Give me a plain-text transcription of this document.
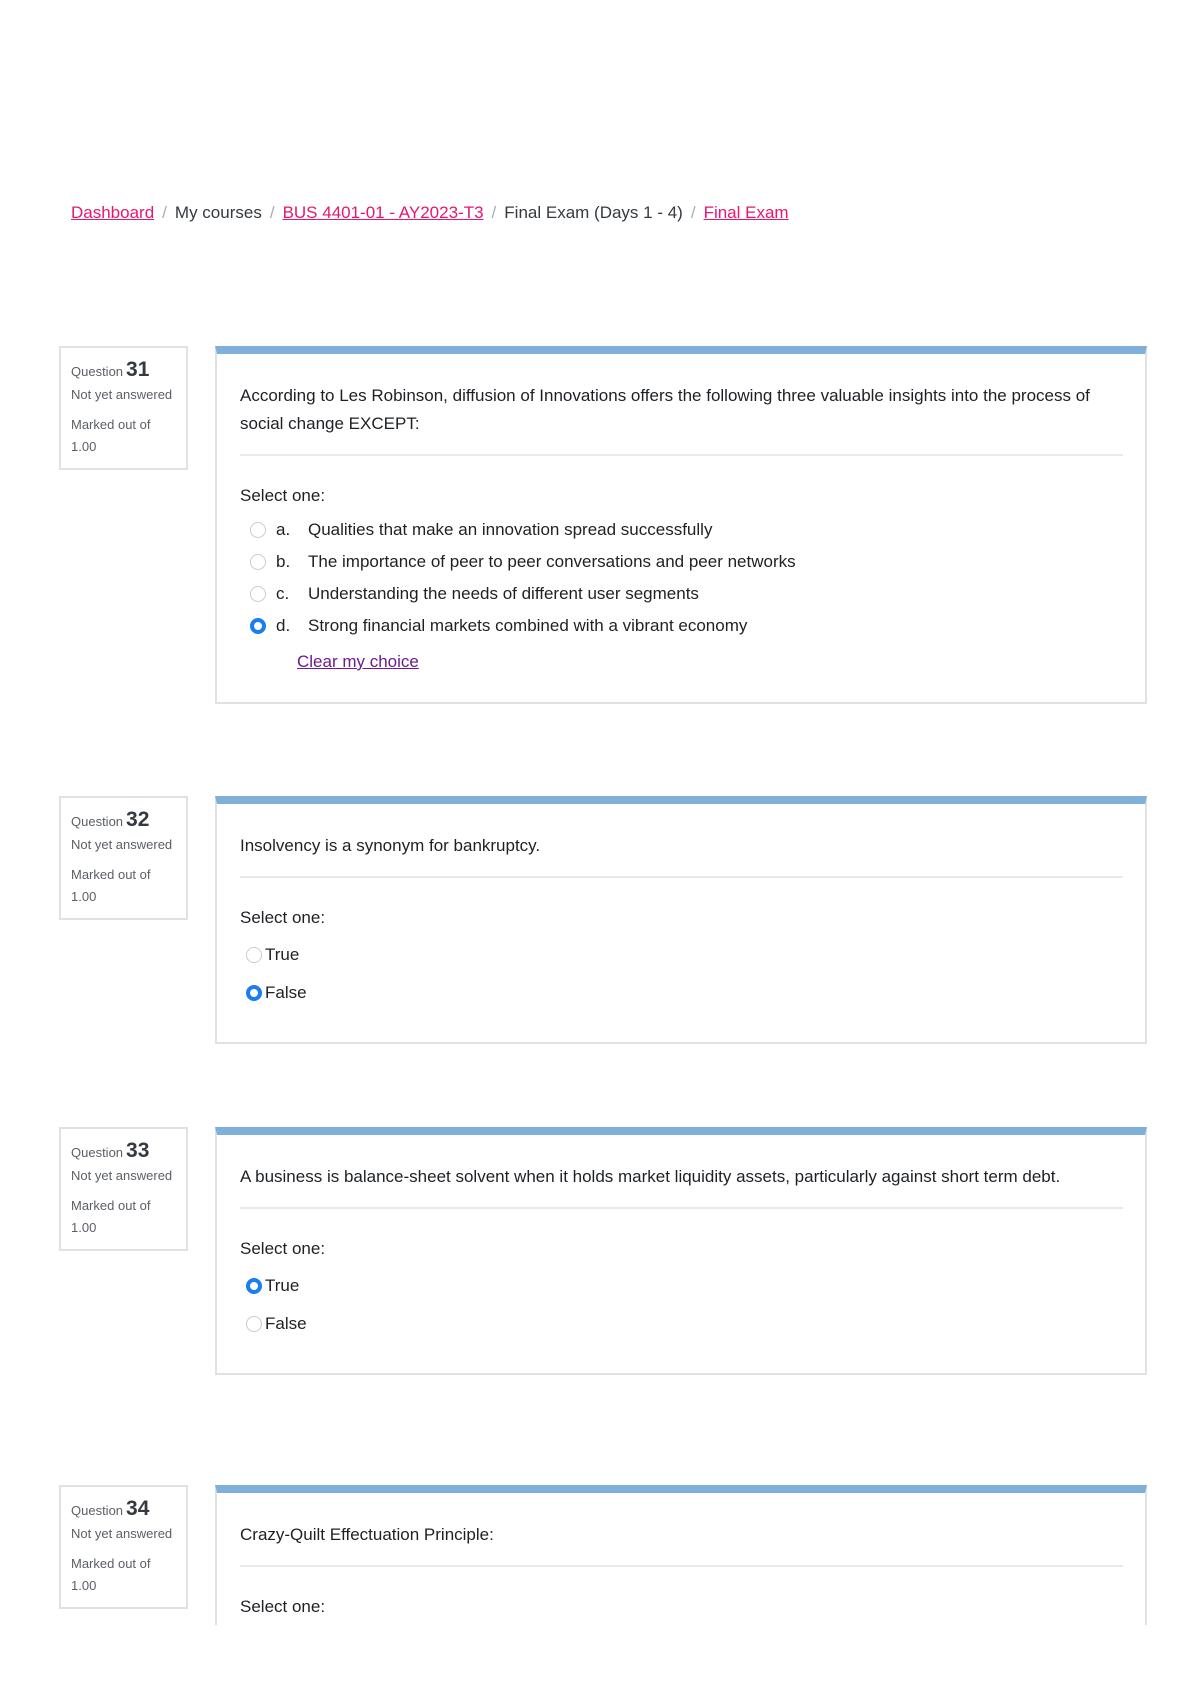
Dashboard / My courses / BUS 4401-01 - AY2023-T3 / Final Exam (Days 1 - 4) / Final Exam
Question 31
Not yet answered
Marked out of 1.00
According to Les Robinson, diffusion of Innovations offers the following three valuable insights into the process of social change EXCEPT:
Select one:
a.	Qualities that make an innovation spread successfully
b.	The importance of peer to peer conversations and peer networks
c.	Understanding the needs of different user segments
d.	Strong financial markets combined with a vibrant economy
Clear my choice
Question 32
Not yet answered
Marked out of 1.00
Insolvency is a synonym for bankruptcy.
Select one:
True
False
Question 33
Not yet answered
Marked out of 1.00
A business is balance-sheet solvent when it holds market liquidity assets, particularly against short term debt.
Select one:
True
False
Question 34
Not yet answered
Marked out of 1.00
Crazy-Quilt Effectuation Principle:
Select one:
